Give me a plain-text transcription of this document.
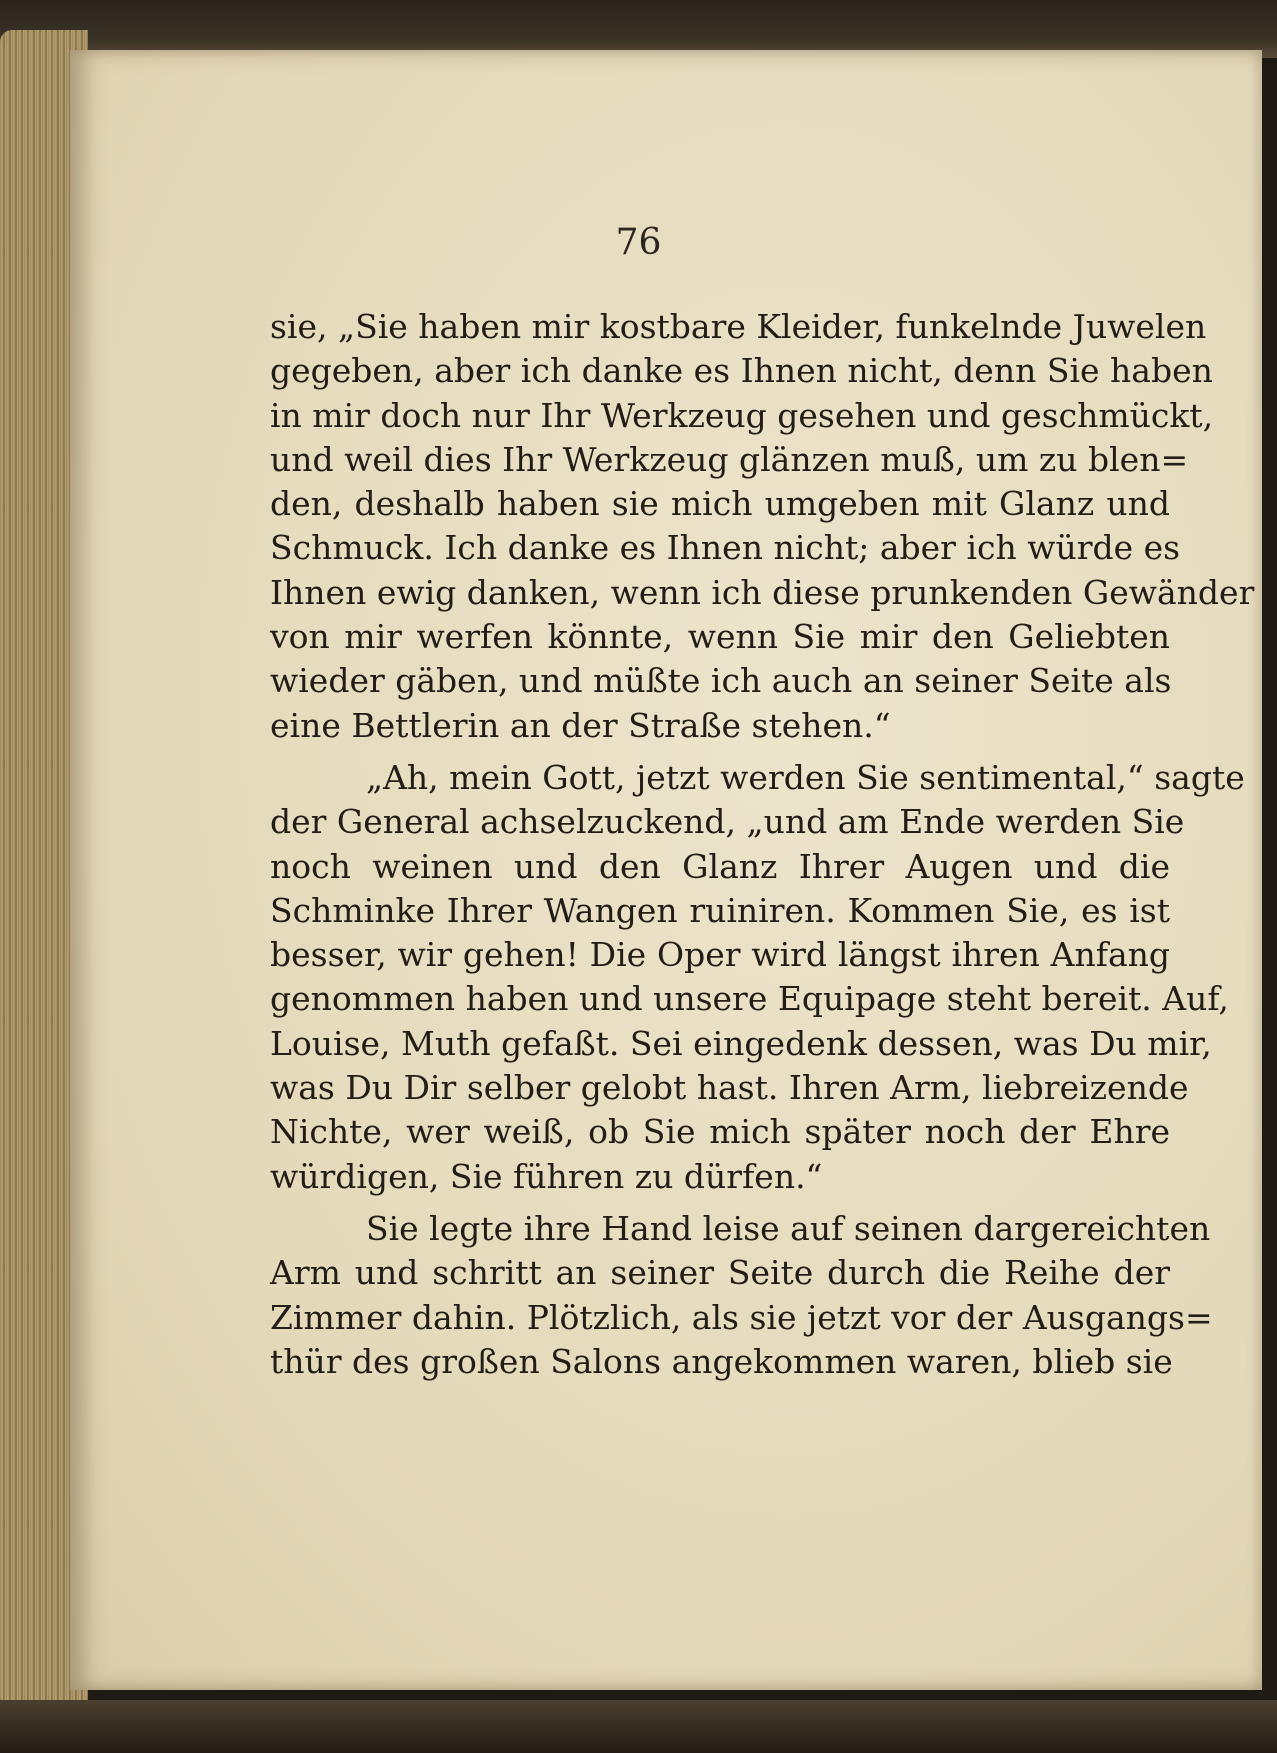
76
sie, „Sie haben mir kostbare Kleider, funkelnde Juwelen
gegeben, aber ich danke es Ihnen nicht, denn Sie haben
in mir doch nur Ihr Werkzeug gesehen und geschmückt,
und weil dies Ihr Werkzeug glänzen muß, um zu blen=
den, deshalb haben sie mich umgeben mit Glanz und
Schmuck. Ich danke es Ihnen nicht; aber ich würde es
Ihnen ewig danken, wenn ich diese prunkenden Gewänder
von mir werfen könnte, wenn Sie mir den Geliebten
wieder gäben, und müßte ich auch an seiner Seite als
eine Bettlerin an der Straße stehen.“
„Ah, mein Gott, jetzt werden Sie sentimental,“ sagte
der General achselzuckend, „und am Ende werden Sie
noch weinen und den Glanz Ihrer Augen und die
Schminke Ihrer Wangen ruiniren. Kommen Sie, es ist
besser, wir gehen! Die Oper wird längst ihren Anfang
genommen haben und unsere Equipage steht bereit. Auf,
Louise, Muth gefaßt. Sei eingedenk dessen, was Du mir,
was Du Dir selber gelobt hast. Ihren Arm, liebreizende
Nichte, wer weiß, ob Sie mich später noch der Ehre
würdigen, Sie führen zu dürfen.“
Sie legte ihre Hand leise auf seinen dargereichten
Arm und schritt an seiner Seite durch die Reihe der
Zimmer dahin. Plötzlich, als sie jetzt vor der Ausgangs=
thür des großen Salons angekommen waren, blieb sie
